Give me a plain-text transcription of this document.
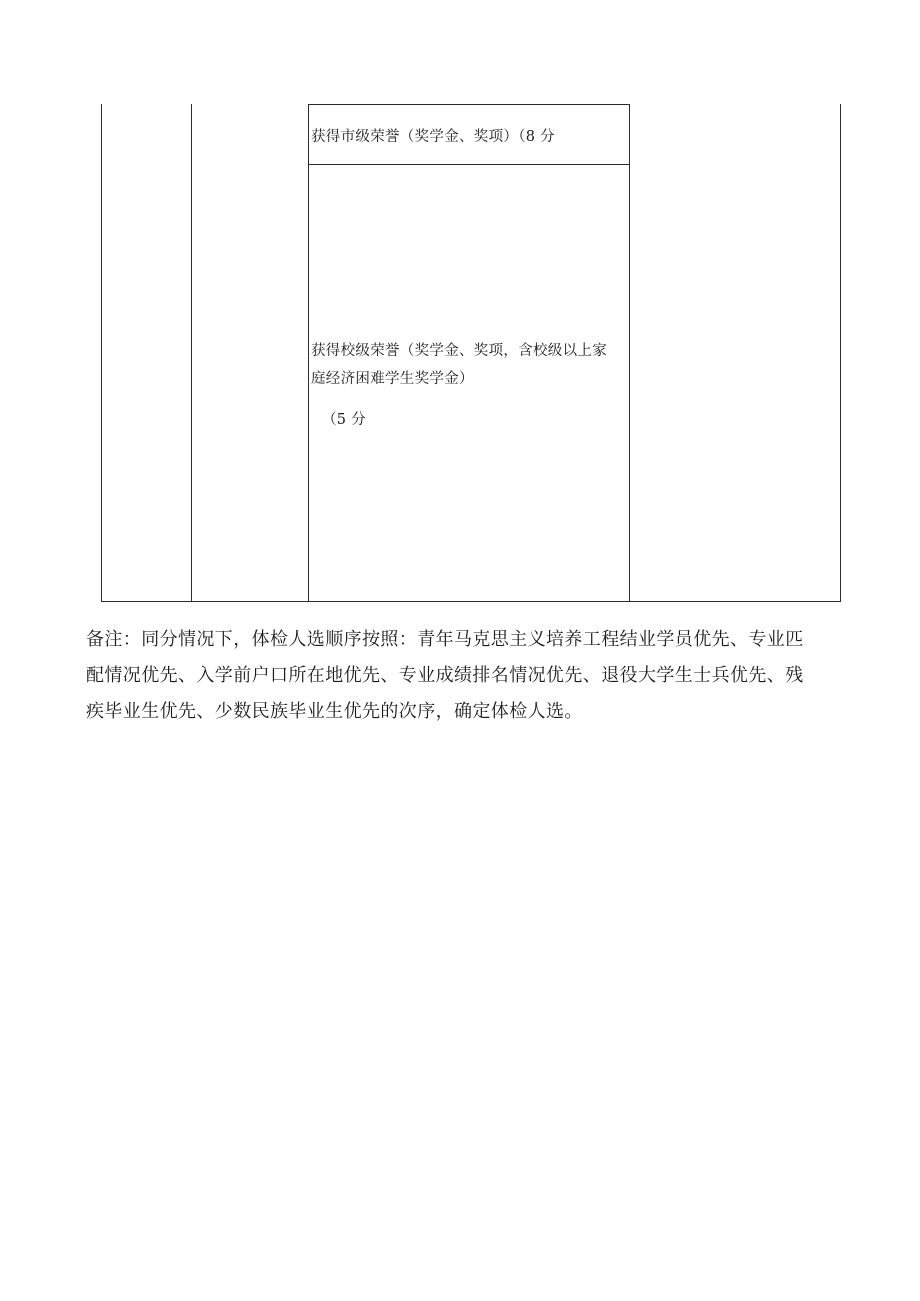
获得市级荣誉（奖学金、奖项）（8 分
获得校级荣誉（奖学金、奖项，含校级以上家
庭经济困难学生奖学金）
（5 分

备注：同分情况下，体检人选顺序按照：青年马克思主义培养工程结业学员优先、专业匹

配情况优先、入学前户口所在地优先、专业成绩排名情况优先、退役大学生士兵优先、残

疾毕业生优先、少数民族毕业生优先的次序，确定体检人选。
